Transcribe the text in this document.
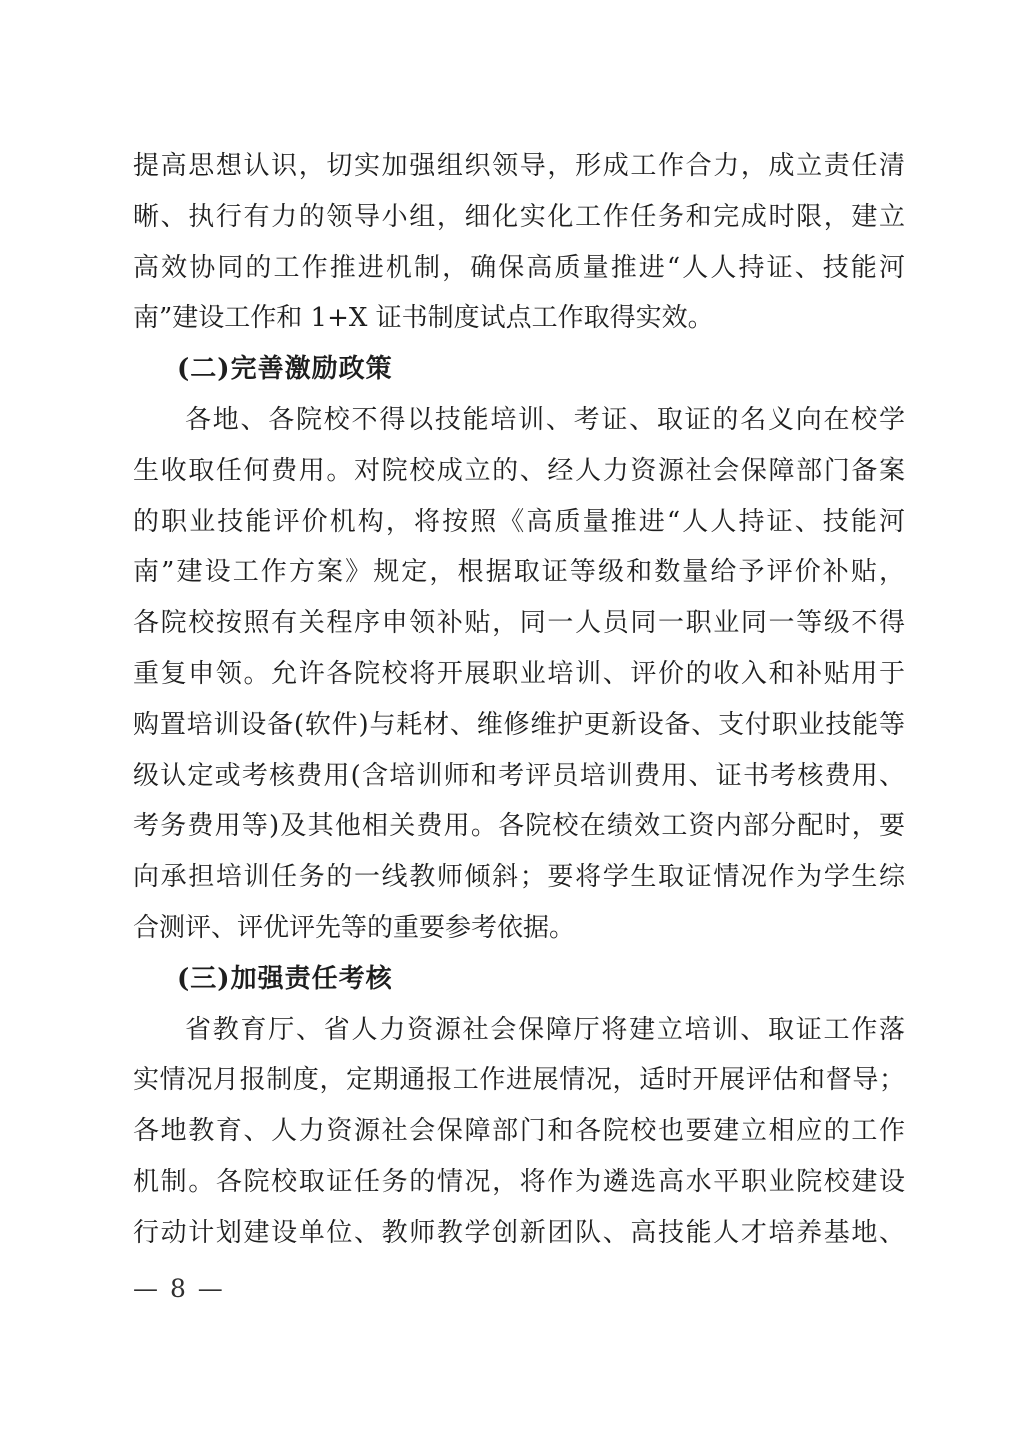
提高思想认识，切实加强组织领导，形成工作合力，成立责任清
晰、执行有力的领导小组，细化实化工作任务和完成时限，建立
高效协同的工作推进机制，确保高质量推进“人人持证、技能河
南”建设工作和 1+X 证书制度试点工作取得实效。
(二)完善激励政策
各地、各院校不得以技能培训、考证、取证的名义向在校学
生收取任何费用。对院校成立的、经人力资源社会保障部门备案
的职业技能评价机构，将按照《高质量推进“人人持证、技能河
南”建设工作方案》规定，根据取证等级和数量给予评价补贴，
各院校按照有关程序申领补贴，同一人员同一职业同一等级不得
重复申领。允许各院校将开展职业培训、评价的收入和补贴用于
购置培训设备(软件)与耗材、维修维护更新设备、支付职业技能等
级认定或考核费用(含培训师和考评员培训费用、证书考核费用、
考务费用等)及其他相关费用。各院校在绩效工资内部分配时，要
向承担培训任务的一线教师倾斜；要将学生取证情况作为学生综
合测评、评优评先等的重要参考依据。
(三)加强责任考核
省教育厅、省人力资源社会保障厅将建立培训、取证工作落
实情况月报制度，定期通报工作进展情况，适时开展评估和督导；
各地教育、人力资源社会保障部门和各院校也要建立相应的工作
机制。各院校取证任务的情况，将作为遴选高水平职业院校建设
行动计划建设单位、教师教学创新团队、高技能人才培养基地、
— 8 —
